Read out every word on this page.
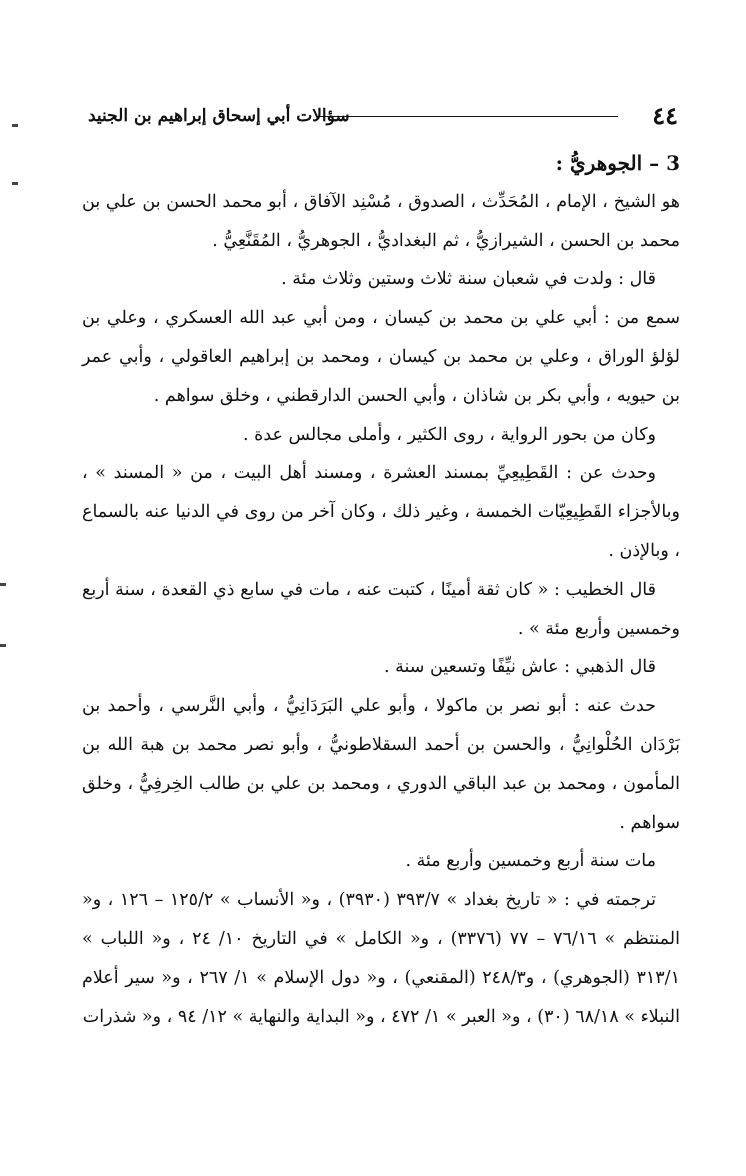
٤٤
سؤالات أبي إسحاق إبراهيم بن الجنيد

3 – الجوهريُّ :

هو الشيخ ، الإمام ، المُحَدِّث ، الصدوق ، مُسْنِد الآفاق ، أبو محمد الحسن بن علي بن محمد بن الحسن ، الشيرازيُّ ، ثم البغداديُّ ، الجوهريُّ ، المُقَنَّعِيُّ .

قال : ولدت في شعبان سنة ثلاث وستين وثلاث مئة .

سمع من : أبي علي بن محمد بن كيسان ، ومن أبي عبد الله العسكري ، وعلي بن لؤلؤ الوراق ، وعلي بن محمد بن كيسان ، ومحمد بن إبراهيم العاقولي ، وأبي عمر بن حيويه ، وأبي بكر بن شاذان ، وأبي الحسن الدارقطني ، وخلق سواهم .

وكان من بحور الرواية ، روى الكثير ، وأملى مجالس عدة .

وحدث عن : القَطِيعِيِّ بمسند العشرة ، ومسند أهل البيت ، من « المسند » ، وبالأجزاء القَطِيعِيّات الخمسة ، وغير ذلك ، وكان آخر من روى في الدنيا عنه بالسماع ، وبالإذن .

قال الخطيب : « كان ثقة أمينًا ، كتبت عنه ، مات في سابع ذي القعدة ، سنة أربع وخمسين وأربع مئة » .

قال الذهبي : عاش نيِّفًا وتسعين سنة .

حدث عنه : أبو نصر بن ماكولا ، وأبو علي البَرَدَانِيُّ ، وأبي النَّرسي ، وأحمد بن بَرْدَان الحُلْوانِيُّ ، والحسن بن أحمد السقلاطونيُّ ، وأبو نصر محمد بن هبة الله بن المأمون ، ومحمد بن عبد الباقي الدوري ، ومحمد بن علي بن طالب الخِرفِيُّ ، وخلق سواهم .

مات سنة أربع وخمسين وأربع مئة .

ترجمته في : « تاريخ بغداد » ٣٩٣/٧ (٣٩٣٠) ، و« الأنساب » ١٢٥/٢ – ١٢٦ ، و« المنتظم » ٧٦/١٦ – ٧٧ (٣٣٧٦) ، و« الكامل » في التاريخ ١٠/ ٢٤ ، و« اللباب » ٣١٣/١ (الجوهري) ، و٢٤٨/٣ (المقنعي) ، و« دول الإسلام » ١/ ٢٦٧ ، و« سير أعلام النبلاء » ٦٨/١٨ (٣٠) ، و« العبر » ١/ ٤٧٢ ، و« البداية والنهاية » ١٢/ ٩٤ ، و« شذرات
